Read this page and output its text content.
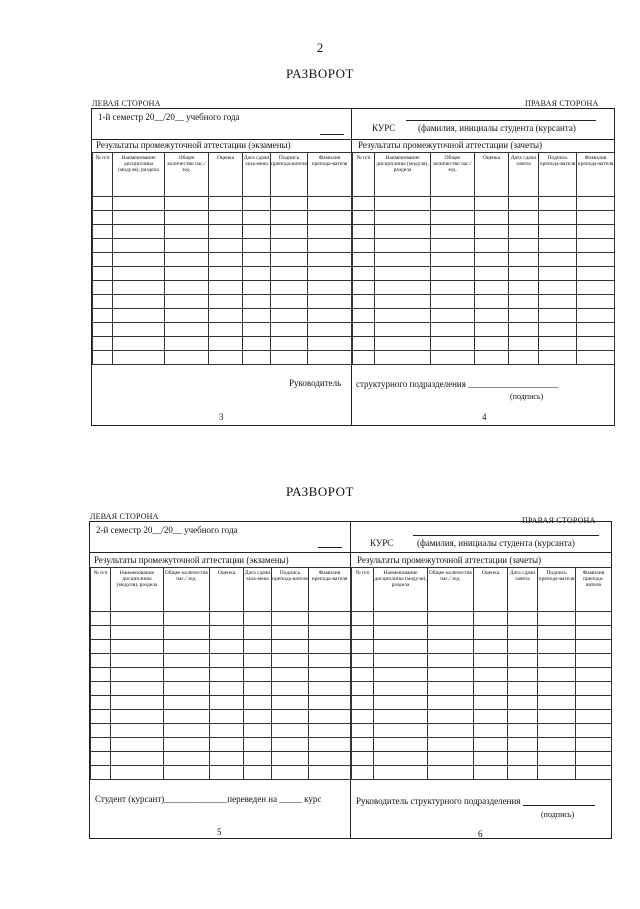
2
РАЗВОРОТ
ЛЕВАЯ СТОРОНА	ПРАВАЯ СТОРОНА
1-й семестр 20__/20__ учебного года
Результаты промежуточной аттестации (экзамены)
№ п/п	Наименование дисциплины (модуля), раздела	Общее количество час./ зед.	Оценка	Дата сдачи экза-мена	Подпись препода-вателя	Фамилия препода-вателя

Руководитель
3
КУРС	(фамилия, инициалы студента (курсанта)
Результаты промежуточной аттестации (зачеты)
№ п/п	Наименование дисциплины (модуля), раздела	Общее количество час./ зед.	Оценка	Дата сдачи зачета	Подпись препода-вателя	Фамилия препода-вателя

структурного подразделения ____________________
(подпись)
4
РАЗВОРОТ
ЛЕВАЯ СТОРОНА	ПРАВАЯ СТОРОНА
2-й семестр 20__/20__ учебного года
Результаты промежуточной аттестации (экзамены)
№ п/п	Наименование дисциплины (модуля), раздела	Общее количество час./ зед.	Оценка	Дата сдачи экза-мена	Подпись препода-вателя	Фамилия препода-вателя

Студент (курсант)______________переведен на _____ курс
5
КУРС	(фамилия, инициалы студента (курсанта)
Результаты промежуточной аттестации (зачеты)
№ п/п	Наименование дисциплины (модуля), раздела	Общее количество час./ зед.	Оценка	Дата сдачи зачета	Подпись препода-вателя	Фамилия препода-вателя

Руководитель структурного подразделения
(подпись)
6
